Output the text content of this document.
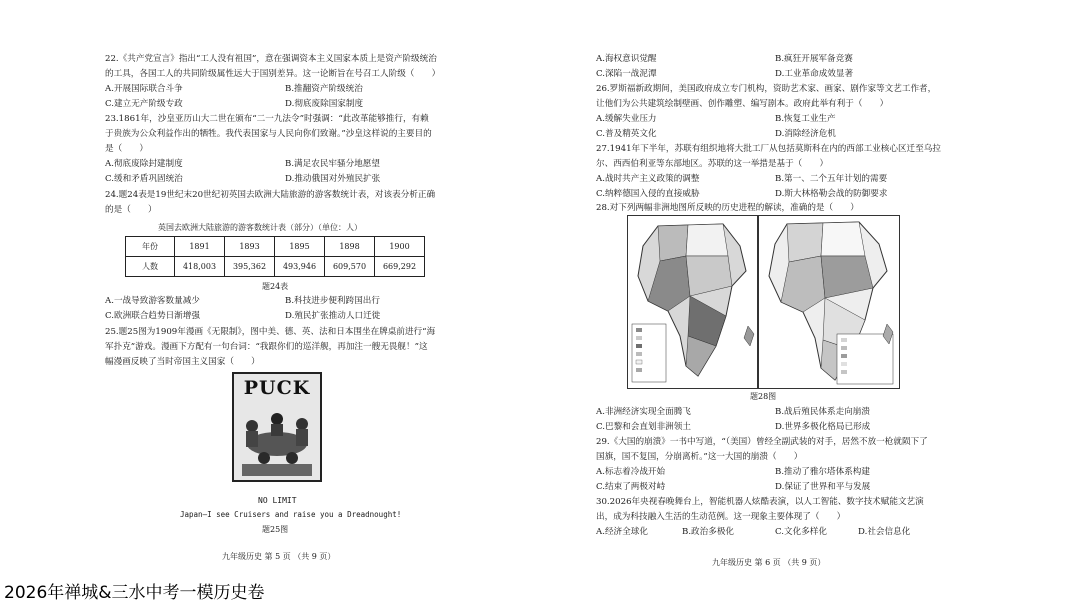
22.《共产党宣言》指出“工人没有祖国”，意在强调资本主义国家本质上是资产阶级统治
的工具，各国工人的共同阶级属性远大于国别差异。这一论断旨在号召工人阶级（　　）
A.开展国际联合斗争	B.推翻资产阶级统治
C.建立无产阶级专政	D.彻底废除国家制度
23.1861年，沙皇亚历山大二世在颁布“二一九法令”时强调：“此改革能够推行，有赖
于贵族为公众利益作出的牺牲。我代表国家与人民向你们致谢。”沙皇这样说的主要目的
是（　　）
A.彻底废除封建制度	B.满足农民牢骚分地愿望
C.缓和矛盾巩固统治	D.推动俄国对外殖民扩张
24.题24表是19世纪末20世纪初英国去欧洲大陆旅游的游客数统计表，对该表分析正确
的是（　　）
英国去欧洲大陆旅游的游客数统计表（部分）（单位：人）
年份	1891	1893	1895	1898	1900
人数	418,003	395,362	493,946	609,570	669,292
题24表
A.一战导致游客数量减少	B.科技进步便利跨国出行
C.欧洲联合趋势日渐增强	D.殖民扩张推动人口迁徙
25.题25图为1909年漫画《无限制》，图中美、德、英、法和日本围坐在牌桌前进行“海
军扑克”游戏。漫画下方配有一句台词：“我跟你们的巡洋舰，再加注一艘无畏舰！”这
幅漫画反映了当时帝国主义国家（　　）
PUCK
NO LIMIT
Japan—I see Cruisers and raise you a Dreadnought!
题25图
九年级历史 第 5 页 （共 9 页）
A.海权意识觉醒	B.疯狂开展军备竞赛
C.深陷一战泥潭	D.工业革命成效显著
26.罗斯福新政期间，美国政府成立专门机构，资助艺术家、画家、剧作家等文艺工作者，
让他们为公共建筑绘制壁画、创作雕塑、编写剧本。政府此举有利于（　　）
A.缓解失业压力	B.恢复工业生产
C.普及精英文化	D.消除经济危机
27.1941年下半年，苏联有组织地将大批工厂从包括莫斯科在内的西部工业核心区迁至乌拉
尔、西西伯利亚等东部地区。苏联的这一举措是基于（　　）
A.战时共产主义政策的调整	B.第一、二个五年计划的需要
C.纳粹德国入侵的直接威胁	D.斯大林格勒会战的防御要求
28.对下列两幅非洲地图所反映的历史进程的解读，准确的是（　　）
题28图
A.非洲经济实现全面腾飞	B.战后殖民体系走向崩溃
C.巴黎和会直划非洲领土	D.世界多极化格局已形成
29.《大国的崩溃》一书中写道，“（美国）曾经全副武装的对手，居然不放一枪就陨下了
国旗，国不复国，分崩离析。”这一大国的崩溃（　　）
A.标志着冷战开始	B.推动了雅尔塔体系构建
C.结束了两极对峙	D.保证了世界和平与发展
30.2026年央视春晚舞台上，智能机器人炫酷表演，以人工智能、数字技术赋能文艺演
出，成为科技融入生活的生动范例。这一现象主要体现了（　　）
A.经济全球化	B.政治多极化	C.文化多样化	D.社会信息化
九年级历史 第 6 页 （共 9 页）
2026年禅城&三水中考一模历史卷
